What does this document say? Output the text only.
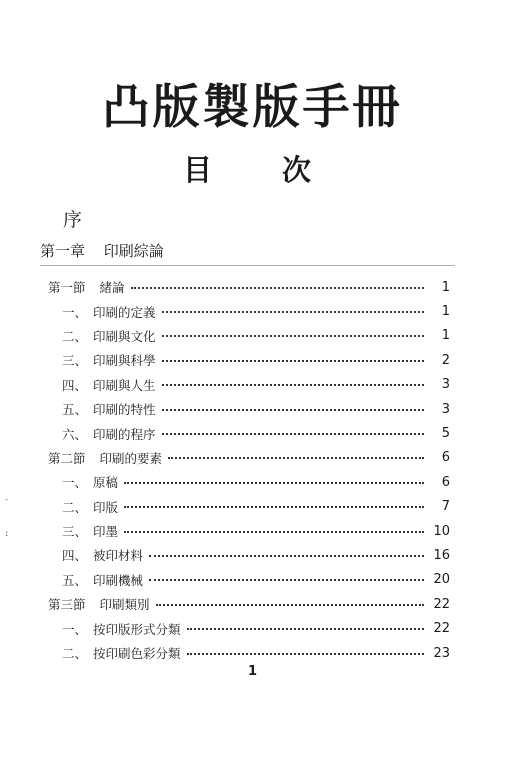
凸版製版手冊
目 次
序
第一章 印刷綜論
第一節 緒論	1
一、 印刷的定義	1
二、 印刷與文化	1
三、 印刷與科學	2
四、 印刷與人生	3
五、 印刷的特性	3
六、 印刷的程序	5
第二節 印刷的要素	6
一、 原稿	6
二、 印版	7
三、 印墨	10
四、 被印材料	16
五、 印刷機械	20
第三節 印刷類別	22
一、 按印版形式分類	22
二、 按印刷色彩分類	23
1
ˏ
:
